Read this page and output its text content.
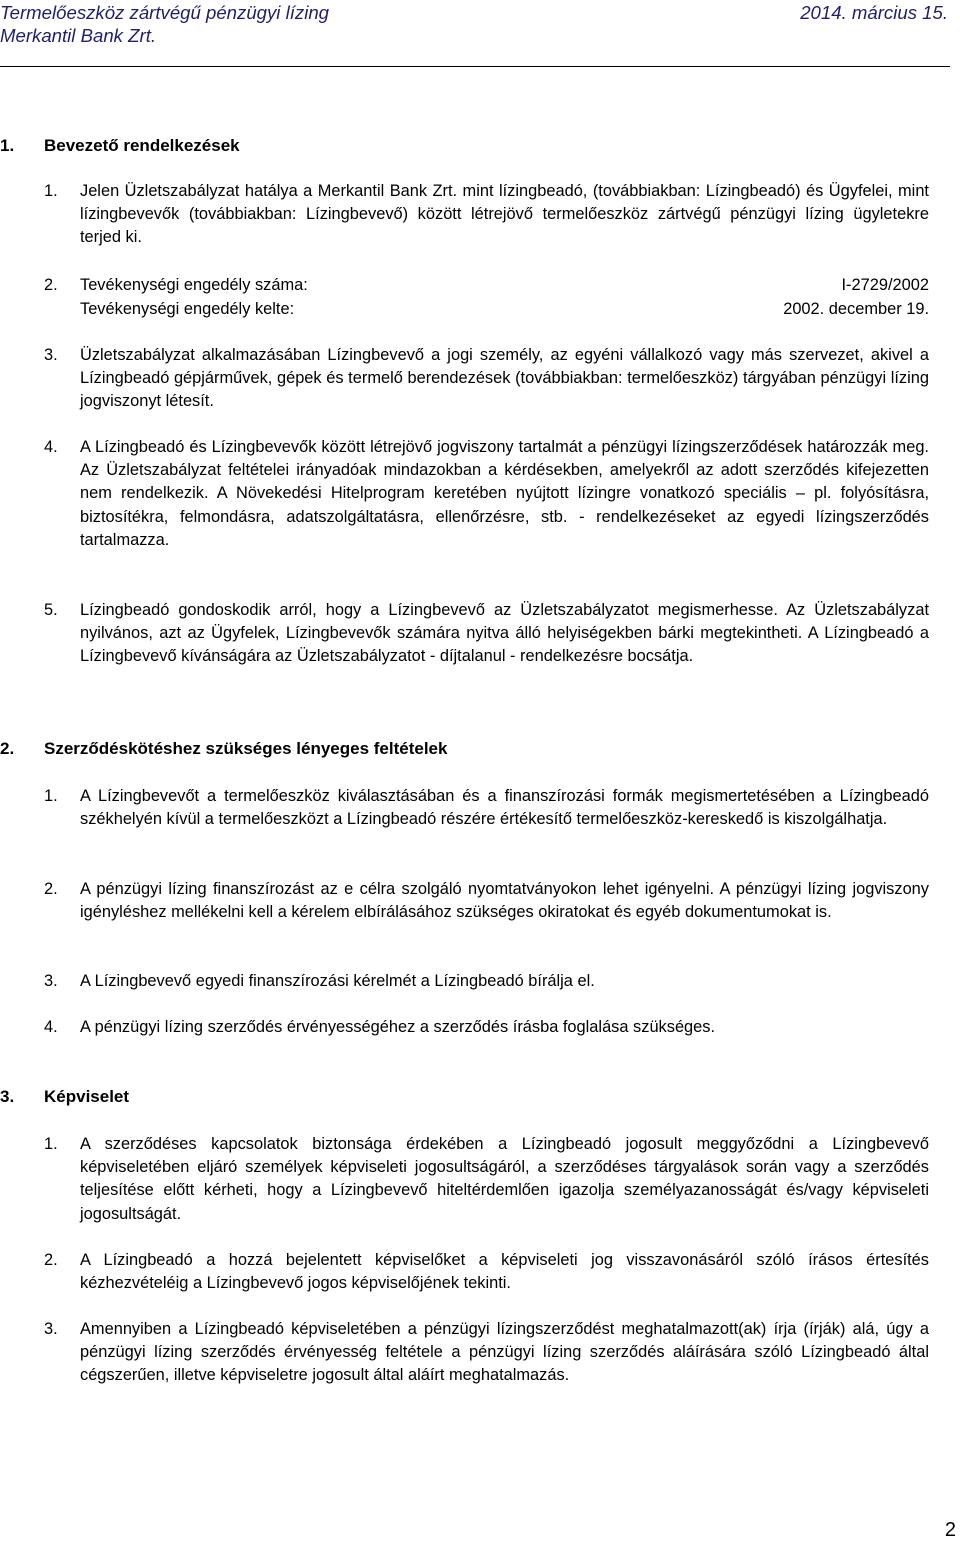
Termelőeszköz zártvégű pénzügyi lízing
Merkantil Bank Zrt.
2014. március 15.
1. Bevezető rendelkezések
1. Jelen Üzletszabályzat hatálya a Merkantil Bank Zrt. mint lízingbeadó, (továbbiakban: Lízingbeadó) és Ügyfelei, mint lízingbevevők (továbbiakban: Lízingbevevő) között létrejövő termelőeszköz zártvégű pénzügyi lízing ügyletekre terjed ki.
2. Tevékenységi engedély száma:	I-2729/2002
Tevékenységi engedély kelte:	2002. december 19.
3. Üzletszabályzat alkalmazásában Lízingbevevő a jogi személy, az egyéni vállalkozó vagy más szervezet, akivel a Lízingbeadó gépjárművek, gépek és termelő berendezések (továbbiakban: termelőeszköz) tárgyában pénzügyi lízing jogviszonyt létesít.
4. A Lízingbeadó és Lízingbevevők között létrejövő jogviszony tartalmát a pénzügyi lízingszerződések határozzák meg. Az Üzletszabályzat feltételei irányadóak mindazokban a kérdésekben, amelyekről az adott szerződés kifejezetten nem rendelkezik. A Növekedési Hitelprogram keretében nyújtott lízingre vonatkozó speciális – pl. folyósításra, biztosítékra, felmondásra, adatszolgáltatásra, ellenőrzésre, stb. - rendelkezéseket az egyedi lízingszerződés tartalmazza.
5. Lízingbeadó gondoskodik arról, hogy a Lízingbevevő az Üzletszabályzatot megismerhesse. Az Üzletszabályzat nyilvános, azt az Ügyfelek, Lízingbevevők számára nyitva álló helyiségekben bárki megtekintheti. A Lízingbeadó a Lízingbevevő kívánságára az Üzletszabályzatot - díjtalanul - rendelkezésre bocsátja.
2. Szerződéskötéshez szükséges lényeges feltételek
1. A Lízingbevevőt a termelőeszköz kiválasztásában és a finanszírozási formák megismertetésében a Lízingbeadó székhelyén kívül a termelőeszközt a Lízingbeadó részére értékesítő termelőeszköz-kereskedő is kiszolgálhatja.
2. A pénzügyi lízing finanszírozást az e célra szolgáló nyomtatványokon lehet igényelni. A pénzügyi lízing jogviszony igényléshez mellékelni kell a kérelem elbírálásához szükséges okiratokat és egyéb dokumentumokat is.
3. A Lízingbevevő egyedi finanszírozási kérelmét a Lízingbeadó bírálja el.
4. A pénzügyi lízing szerződés érvényességéhez a szerződés írásba foglalása szükséges.
3. Képviselet
1. A szerződéses kapcsolatok biztonsága érdekében a Lízingbeadó jogosult meggyőződni a Lízingbevevő képviseletében eljáró személyek képviseleti jogosultságáról, a szerződéses tárgyalások során vagy a szerződés teljesítése előtt kérheti, hogy a Lízingbevevő hiteltérdemlően igazolja személyazanosságát és/vagy képviseleti jogosultságát.
2. A Lízingbeadó a hozzá bejelentett képviselőket a képviseleti jog visszavonásáról szóló írásos értesítés kézhezvételéig a Lízingbevevő jogos képviselőjének tekinti.
3. Amennyiben a Lízingbeadó képviseletében a pénzügyi lízingszerződést meghatalmazott(ak) írja (írják) alá, úgy a pénzügyi lízing szerződés érvényesség feltétele a pénzügyi lízing szerződés aláírására szóló Lízingbeadó által cégszerűen, illetve képviseletre jogosult által aláírt meghatalmazás.
2
